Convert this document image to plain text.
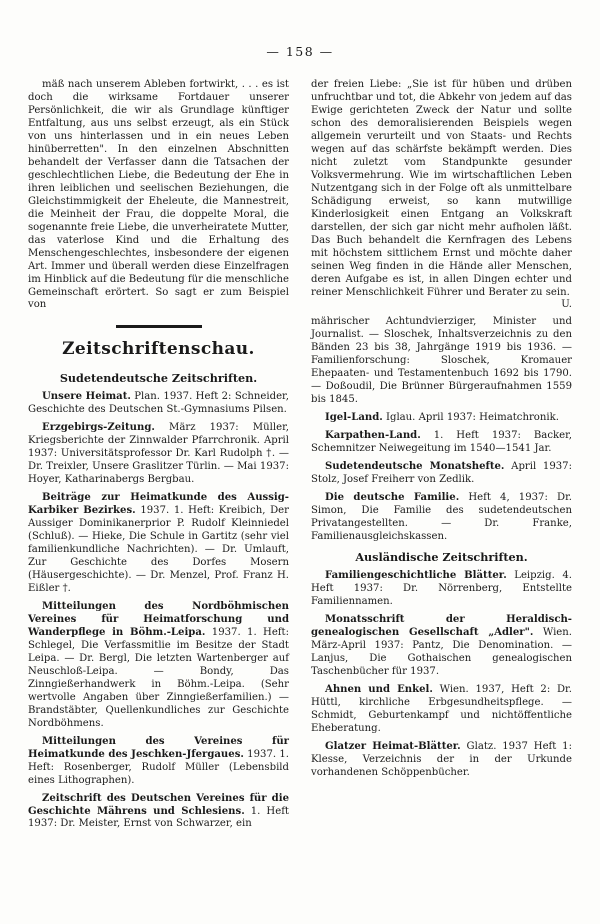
— 158 —

mäß nach unserem Ableben fortwirkt, . . . es ist doch die wirksame Fortdauer unserer Persönlichkeit, die wir als Grundlage künftiger Entfaltung, aus uns selbst erzeugt, als ein Stück von uns hinterlassen und in ein neues Leben hinüberretten". In den einzelnen Abschnitten behandelt der Verfasser dann die Tatsachen der geschlechtlichen Liebe, die Bedeutung der Ehe in ihren leiblichen und seelischen Beziehungen, die Gleichstimmigkeit der Ehelеute, die Mannestreit, die Meinheit der Frau, die doppelte Moral, die sogenannte freie Liebe, die unverheiratete Mutter, das vaterlose Kind und die Erhaltung des Menschengeschlechtes, insbesondere der eigenen Art. Immer und überall werden diese Einzelfragen im Hinblick auf die Bedeutung für die menschliche Gemeinschaft erörtert. So sagt er zum Beispiel von

Zeitschriftenschau.
Sudetendeutsche Zeitschriften.

Unsere Heimat. Plan. 1937. Heft 2: Schneider, Geschichte des Deutschen St.-Gymnasiums Pilsen.

Erzgebirgs-Zeitung. März 1937: Müller, Kriegsberichte der Zinnwalder Pfarrchronik. April 1937: Universitätsprofessor Dr. Karl Rudolph †. — Dr. Treixler, Unsere Graslitzer Türlin. — Mai 1937: Hoyer, Katharinabergs Bergbau.

Beiträge zur Heimatkunde des Aussig-Karbiker Bezirkes. 1937. 1. Heft: Kreibich, Der Aussiger Dominikanerprior P. Rudolf Kleinniedel (Schluß). — Hieke, Die Schule in Gartitz (sehr viel familienkundliche Nachrichten). — Dr. Umlauft, Zur Geschichte des Dorfes Mosern (Häusergeschichte). — Dr. Menzel, Prof. Franz H. Eißler †.

Mitteilungen des Nordböhmischen Vereines für Heimatforschung und Wanderpflege in Böhm.-Leipa. 1937. 1. Heft: Schlegel, Die Verfassmitlie im Besitze der Stadt Leipa. — Dr. Bergl, Die letzten Wartenberger auf Neuschloß-Leipa. — Bondy, Das Zinngießerhandwerk in Böhm.-Leipa. (Sehr wertvolle Angaben über Zinngießerfamilien.) — Brandstäbter, Quellenkundliches zur Geschichte Nordböhmens.

Mitteilungen des Vereines für Heimatkunde des Jeschken-Jfergaues. 1937. 1. Heft: Rosenberger, Rudolf Müller (Lebensbild eines Lithographen).

Zeitschrift des Deutschen Vereines für die Geschichte Mährens und Schlesiens. 1. Heft 1937: Dr. Meister, Ernst von Schwarzer, ein

der freien Liebe: „Sie ist für hüben und drüben unfruchtbar und tot, die Abkehr von jedem auf das Ewige gerichteten Zweck der Natur und sollte schon des demoralisierenden Beispiels wegen allgemein verurteilt und von Staats- und Rechts wegen auf das schärfste bekämpft werden. Dies nicht zuletzt vom Standpunkte gesunder Volksvermehrung. Wie im wirtschaftlichen Leben Nutzentgang sich in der Folge oft als unmittelbare Schädigung erweist, so kann mutwillige Kinderlosigkeit einen Entgang an Volkskraft darstellen, der sich gar nicht mehr aufholen läßt. Das Buch behandelt die Kernfragen des Lebens mit höchstem sittlichem Ernst und möchte daher seinen Weg finden in die Hände aller Menschen, deren Aufgabe es ist, in allen Dingen echter und reiner Menschlichkeit Führer und Berater zu sein.

U.

mährischer Achtundvierziger, Minister und Journalist. — Sloschek, Inhaltsverzeichnis zu den Bänden 23 bis 38, Jahrgänge 1919 bis 1936. — Familienforschung: Sloschek, Kromauer Ehepaaten- und Testamentenbuch 1692 bis 1790. — Doßoudil, Die Brünner Bürgeraufnahmen 1559 bis 1845.

Igel-Land. Iglau. April 1937: Heimatchronik.

Karpathen-Land. 1. Heft 1937: Backer, Schemnitzer Neiwegeitung im 1540—1541 Jar.

Sudetendeutsche Monatshefte. April 1937: Stolz, Josef Freiherr von Zedlik.

Die deutsche Familie. Heft 4, 1937: Dr. Simon, Die Familie des sudetendeutschen Privatangestellten. — Dr. Franke, Familienausgleichskassen.

Ausländische Zeitschriften.

Familiengeschichtliche Blätter. Leipzig. 4. Heft 1937: Dr. Nörrenberg, Entstellte Familiennamen.

Monatsschrift der Heraldisch-genealogischen Gesellschaft „Adler". Wien. März-April 1937: Pantz, Die Denomination. — Lanjus, Die Gothaischen genealogischen Taschenbücher für 1937.

Ahnen und Enkel. Wien. 1937, Heft 2: Dr. Hüttl, kirchliche Erbgesundheitspflege. — Schmidt, Geburtenkampf und nichtöffentliche Eheberatung.

Glatzer Heimat-Blätter. Glatz. 1937 Heft 1: Klesse, Verzeichnis der in der Urkunde vorhandenen Schöppenbücher.
